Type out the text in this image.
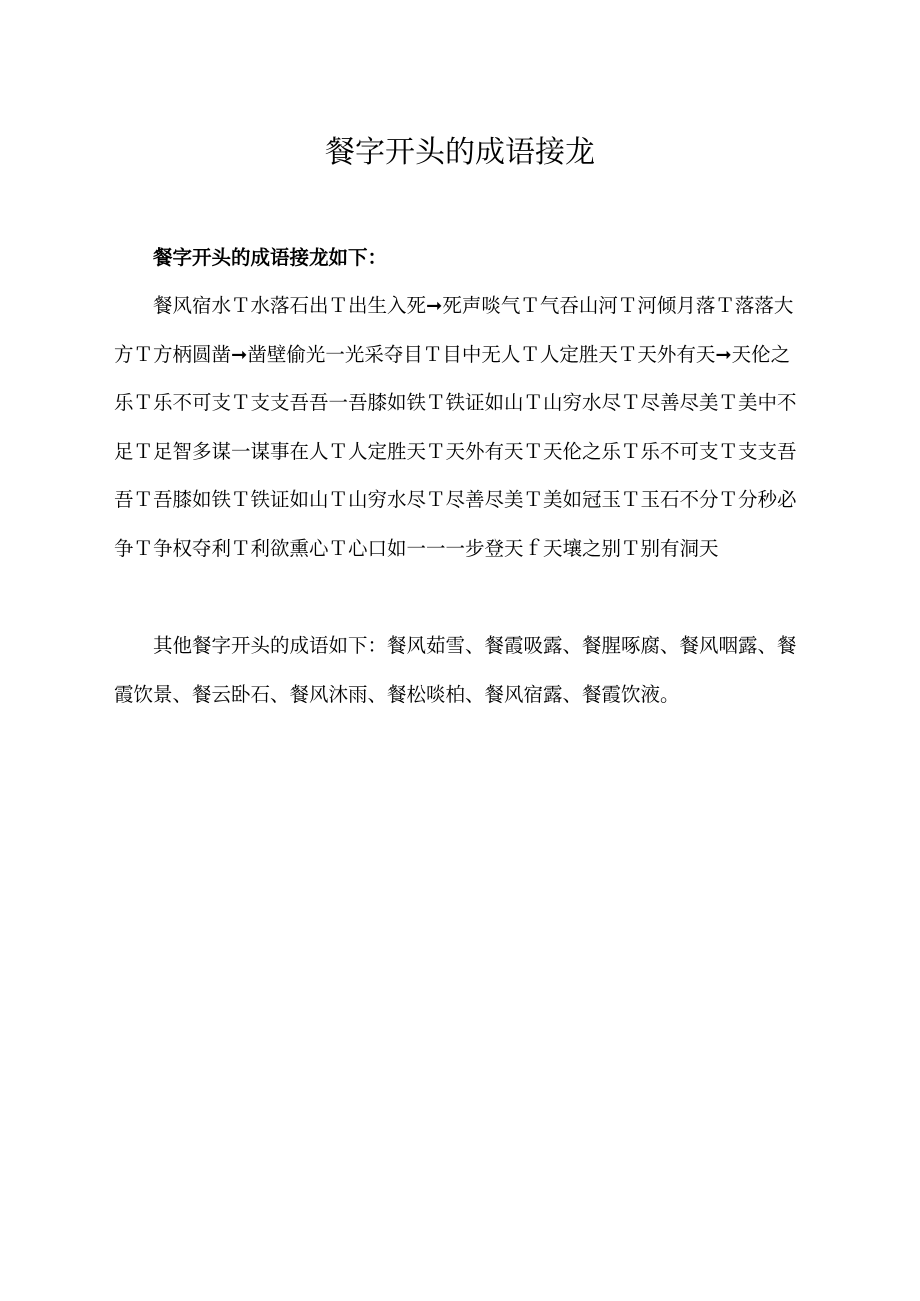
餐字开头的成语接龙

餐字开头的成语接龙如下：

餐风宿水Ｔ水落石出Ｔ出生入死➞死声啖气Ｔ气吞山河Ｔ河倾月落Ｔ落落大方Ｔ方柄圆凿➞凿壁偷光一光采夺目Ｔ目中无人Ｔ人定胜天Ｔ天外有天➞天伦之乐Ｔ乐不可支Ｔ支支吾吾一吾膝如铁Ｔ铁证如山Ｔ山穷水尽Ｔ尽善尽美Ｔ美中不足Ｔ足智多谋一谋事在人Ｔ人定胜天Ｔ天外有天Ｔ天伦之乐Ｔ乐不可支Ｔ支支吾吾Ｔ吾膝如铁Ｔ铁证如山Ｔ山穷水尽Ｔ尽善尽美Ｔ美如冠玉Ｔ玉石不分Ｔ分秒必争Ｔ争权夺利Ｔ利欲熏心Ｔ心口如一一一步登天ｆ天壤之别Ｔ别有洞天

其他餐字开头的成语如下：餐风茹雪、餐霞吸露、餐腥啄腐、餐风咽露、餐霞饮景、餐云卧石、餐风沐雨、餐松啖柏、餐风宿露、餐霞饮液。
